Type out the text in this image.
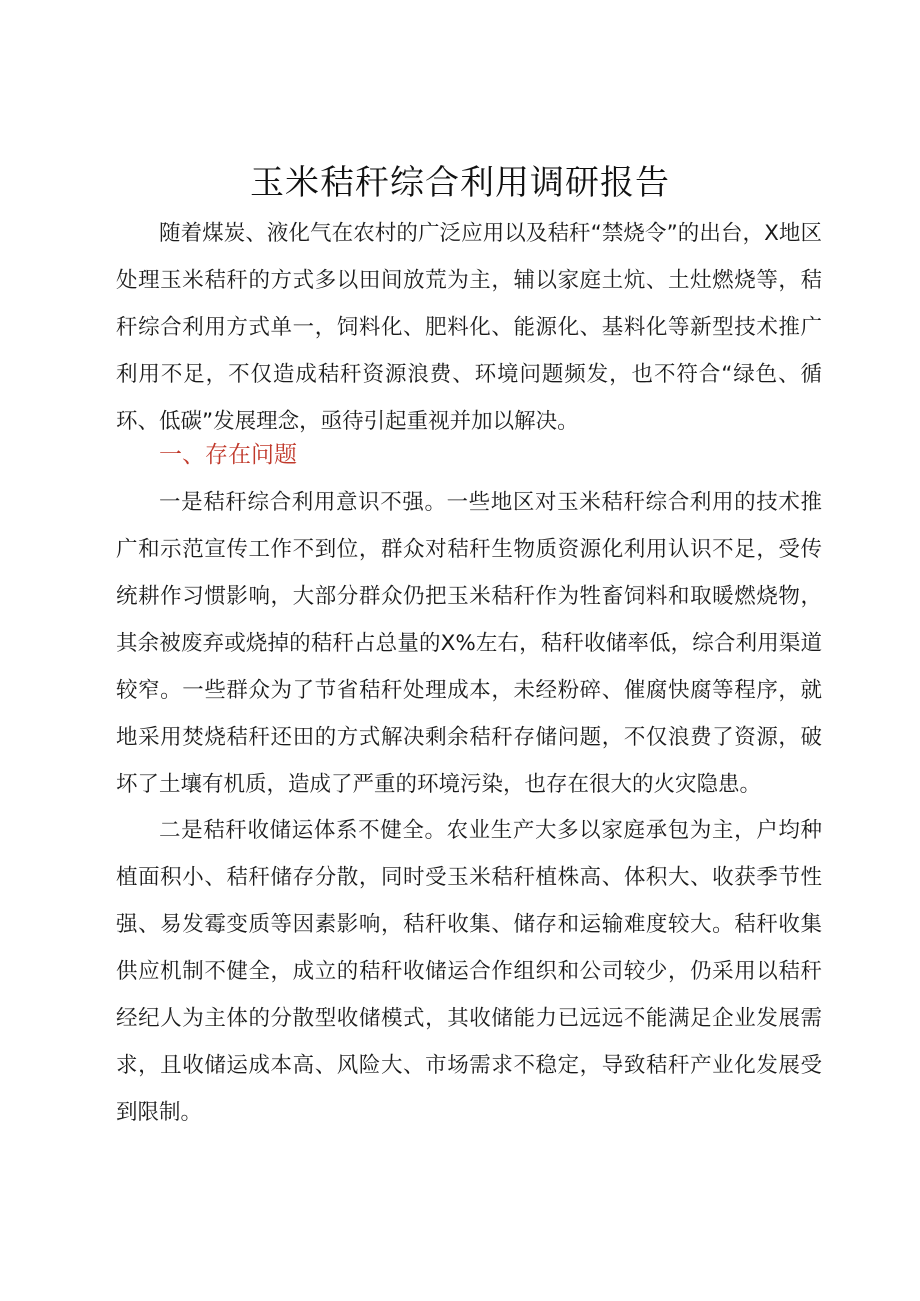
玉米秸秆综合利用调研报告

随着煤炭、液化气在农村的广泛应用以及秸秆“禁烧令”的出台，X地区处理玉米秸秆的方式多以田间放荒为主，辅以家庭土炕、土灶燃烧等，秸秆综合利用方式单一，饲料化、肥料化、能源化、基料化等新型技术推广利用不足，不仅造成秸秆资源浪费、环境问题频发，也不符合“绿色、循环、低碳”发展理念，亟待引起重视并加以解决。

一、存在问题

一是秸秆综合利用意识不强。一些地区对玉米秸秆综合利用的技术推广和示范宣传工作不到位，群众对秸秆生物质资源化利用认识不足，受传统耕作习惯影响，大部分群众仍把玉米秸秆作为牲畜饲料和取暖燃烧物，其余被废弃或烧掉的秸秆占总量的X%左右，秸秆收储率低，综合利用渠道较窄。一些群众为了节省秸秆处理成本，未经粉碎、催腐快腐等程序，就地采用焚烧秸秆还田的方式解决剩余秸秆存储问题，不仅浪费了资源，破坏了土壤有机质，造成了严重的环境污染，也存在很大的火灾隐患。

二是秸秆收储运体系不健全。农业生产大多以家庭承包为主，户均种植面积小、秸秆储存分散，同时受玉米秸秆植株高、体积大、收获季节性强、易发霉变质等因素影响，秸秆收集、储存和运输难度较大。秸秆收集供应机制不健全，成立的秸秆收储运合作组织和公司较少，仍采用以秸秆经纪人为主体的分散型收储模式，其收储能力已远远不能满足企业发展需求，且收储运成本高、风险大、市场需求不稳定，导致秸秆产业化发展受到限制。
